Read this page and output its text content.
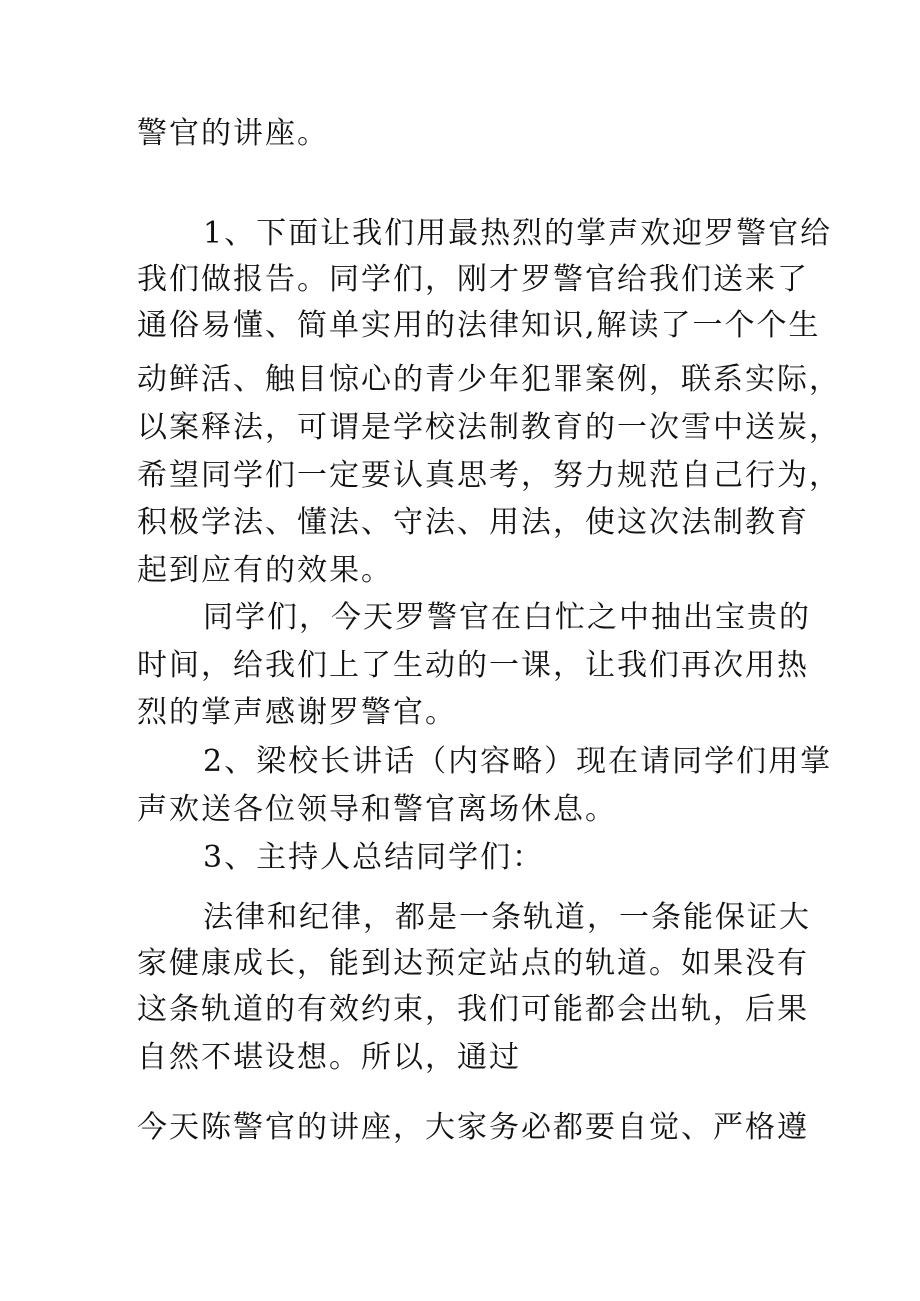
警官的讲座。
1、下面让我们用最热烈的掌声欢迎罗警官给
我们做报告。同学们，刚才罗警官给我们送来了
通俗易懂、简单实用的法律知识,解读了一个个生
动鲜活、触目惊心的青少年犯罪案例，联系实际，
以案释法，可谓是学校法制教育的一次雪中送炭，
希望同学们一定要认真思考，努力规范自己行为，
积极学法、懂法、守法、用法，使这次法制教育
起到应有的效果。
同学们，今天罗警官在白忙之中抽出宝贵的
时间，给我们上了生动的一课，让我们再次用热
烈的掌声感谢罗警官。
2、梁校长讲话（内容略）现在请同学们用掌
声欢送各位领导和警官离场休息。
3、主持人总结同学们：
法律和纪律，都是一条轨道，一条能保证大
家健康成长，能到达预定站点的轨道。如果没有
这条轨道的有效约束，我们可能都会出轨，后果
自然不堪设想。所以，通过
今天陈警官的讲座，大家务必都要自觉、严格遵
